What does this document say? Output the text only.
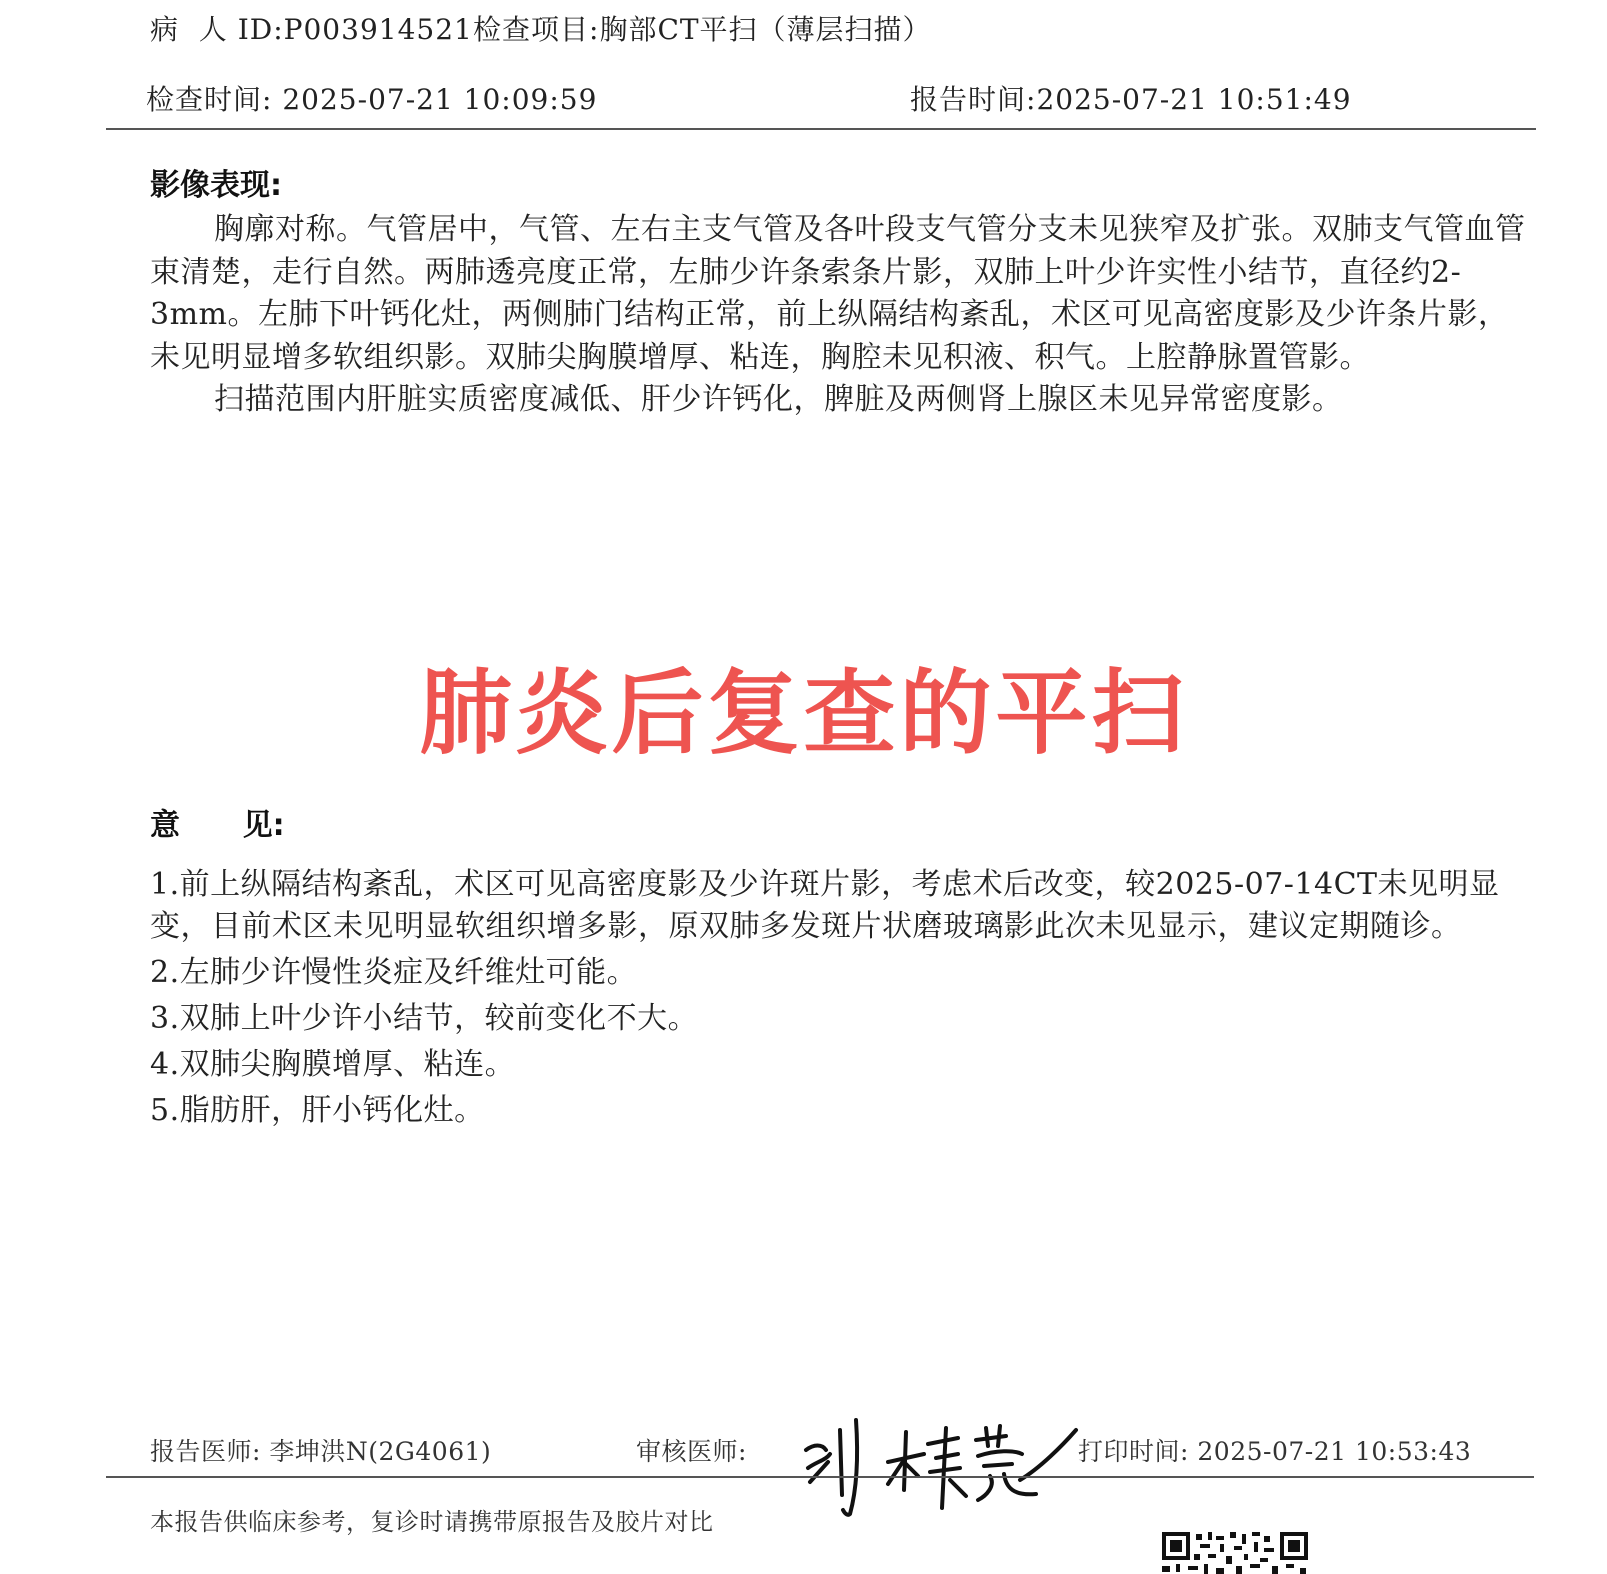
病  人 ID:P003914521 检查项目:胸部CT平扫（薄层扫描）
检查时间: 2025-07-21 10:09:59	报告时间:2025-07-21 10:51:49
影像表现:

胸廓对称。气管居中，气管、左右主支气管及各叶段支气管分支未见狭窄及扩张。双肺支气管血管束清楚，走行自然。两肺透亮度正常，左肺少许条索条片影，双肺上叶少许实性小结节，直径约2-3mm。左肺下叶钙化灶，两侧肺门结构正常，前上纵隔结构紊乱，术区可见高密度影及少许条片影，未见明显增多软组织影。双肺尖胸膜增厚、粘连，胸腔未见积液、积气。上腔静脉置管影。

扫描范围内肝脏实质密度减低、肝少许钙化，脾脏及两侧肾上腺区未见异常密度影。

肺炎后复查的平扫
意      见:
1.前上纵隔结构紊乱，术区可见高密度影及少许斑片影，考虑术后改变，较2025-07-14CT未见明显变，目前术区未见明显软组织增多影，原双肺多发斑片状磨玻璃影此次未见显示，建议定期随诊。
2.左肺少许慢性炎症及纤维灶可能。
3.双肺上叶少许小结节，较前变化不大。
4.双肺尖胸膜增厚、粘连。
5.脂肪肝，肝小钙化灶。
报告医师: 李坤洪N(2G4061)	审核医师:	打印时间: 2025-07-21 10:53:43
本报告供临床参考，复诊时请携带原报告及胶片对比
